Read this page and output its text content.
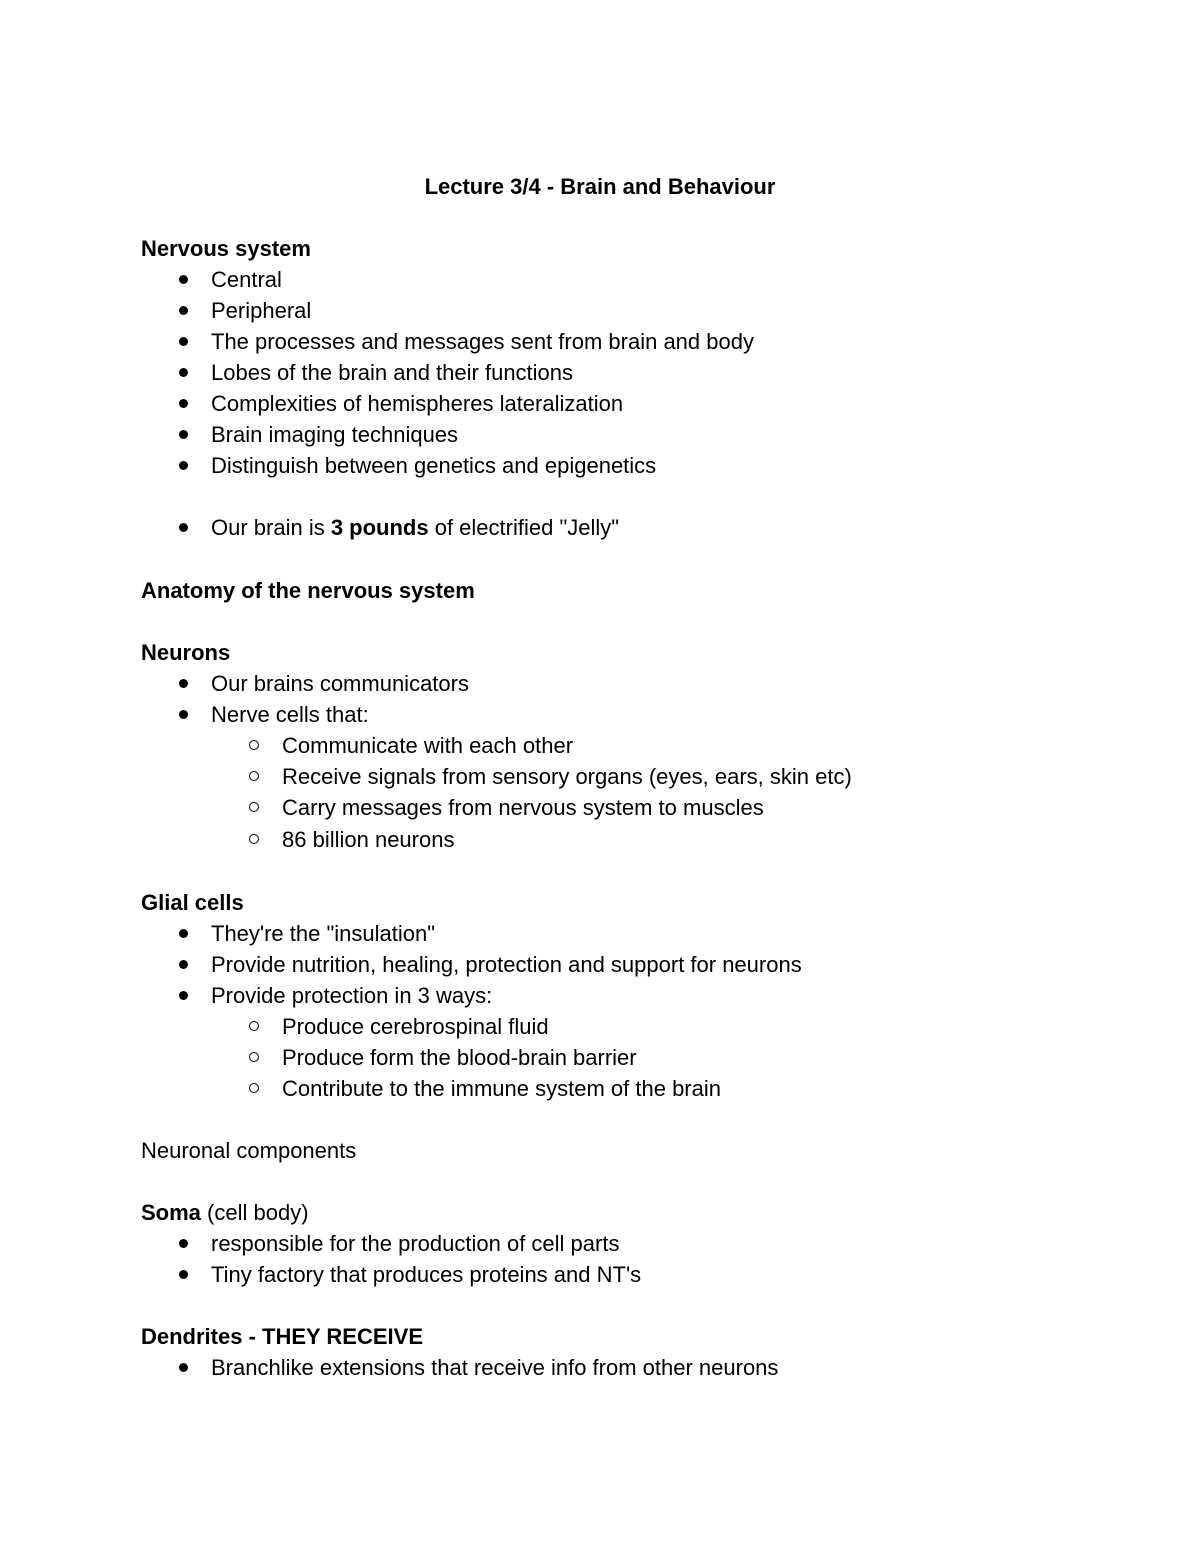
Lecture 3/4 - Brain and Behaviour
Nervous system
Central
Peripheral
The processes and messages sent from brain and body
Lobes of the brain and their functions
Complexities of hemispheres lateralization
Brain imaging techniques
Distinguish between genetics and epigenetics
Our brain is 3 pounds of electrified "Jelly"
Anatomy of the nervous system
Neurons
Our brains communicators
Nerve cells that:
Communicate with each other
Receive signals from sensory organs (eyes, ears, skin etc)
Carry messages from nervous system to muscles
86 billion neurons
Glial cells
They're the "insulation"
Provide nutrition, healing, protection and support for neurons
Provide protection in 3 ways:
Produce cerebrospinal fluid
Produce form the blood-brain barrier
Contribute to the immune system of the brain
Neuronal components
Soma (cell body)
responsible for the production of cell parts
Tiny factory that produces proteins and NT's
Dendrites - THEY RECEIVE
Branchlike extensions that receive info from other neurons
